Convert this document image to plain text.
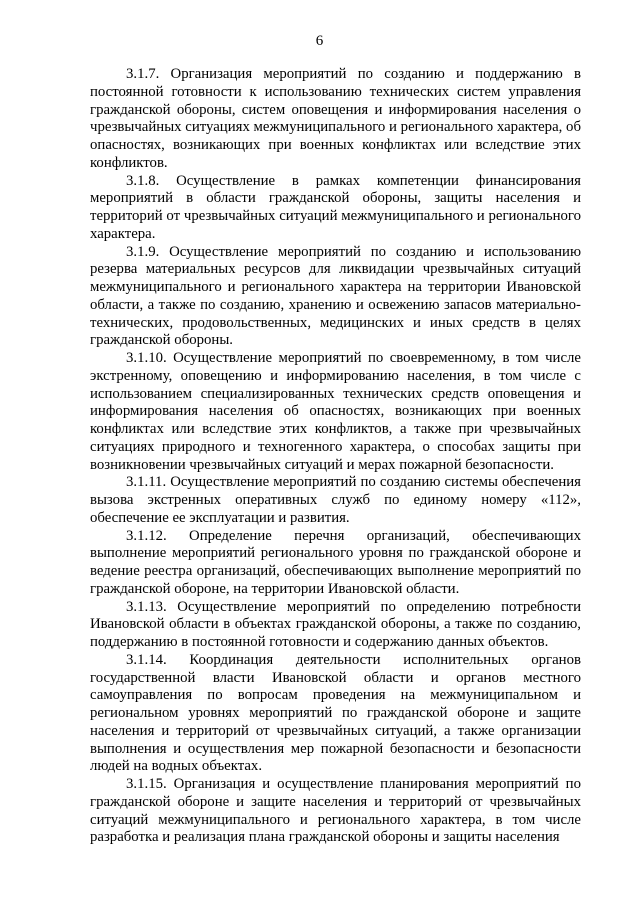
6

3.1.7. Организация мероприятий по созданию и поддержанию в постоянной готовности к использованию технических систем управления гражданской обороны, систем оповещения и информирования населения о чрезвычайных ситуациях межмуниципального и регионального характера, об опасностях, возникающих при военных конфликтах или вследствие этих конфликтов.

3.1.8. Осуществление в рамках компетенции финансирования мероприятий в области гражданской обороны, защиты населения и территорий от чрезвычайных ситуаций межмуниципального и регионального характера.

3.1.9. Осуществление мероприятий по созданию и использованию резерва материальных ресурсов для ликвидации чрезвычайных ситуаций межмуниципального и регионального характера на территории Ивановской области, а также по созданию, хранению и освежению запасов материально-технических, продовольственных, медицинских и иных средств в целях гражданской обороны.

3.1.10. Осуществление мероприятий по своевременному, в том числе экстренному, оповещению и информированию населения, в том числе с использованием специализированных технических средств оповещения и информирования населения об опасностях, возникающих при военных конфликтах или вследствие этих конфликтов, а также при чрезвычайных ситуациях природного и техногенного характера, о способах защиты при возникновении чрезвычайных ситуаций и мерах пожарной безопасности.

3.1.11. Осуществление мероприятий по созданию системы обеспечения вызова экстренных оперативных служб по единому номеру «112», обеспечение ее эксплуатации и развития.

3.1.12. Определение перечня организаций, обеспечивающих выполнение мероприятий регионального уровня по гражданской обороне и ведение реестра организаций, обеспечивающих выполнение мероприятий по гражданской обороне, на территории Ивановской области.

3.1.13. Осуществление мероприятий по определению потребности Ивановской области в объектах гражданской обороны, а также по созданию, поддержанию в постоянной готовности и содержанию данных объектов.

3.1.14. Координация деятельности исполнительных органов государственной власти Ивановской области и органов местного самоуправления по вопросам проведения на межмуниципальном и региональном уровнях мероприятий по гражданской обороне и защите населения и территорий от чрезвычайных ситуаций, а также организации выполнения и осуществления мер пожарной безопасности и безопасности людей на водных объектах.

3.1.15. Организация и осуществление планирования мероприятий по гражданской обороне и защите населения и территорий от чрезвычайных ситуаций межмуниципального и регионального характера, в том числе разработка и реализация плана гражданской обороны и защиты населения
